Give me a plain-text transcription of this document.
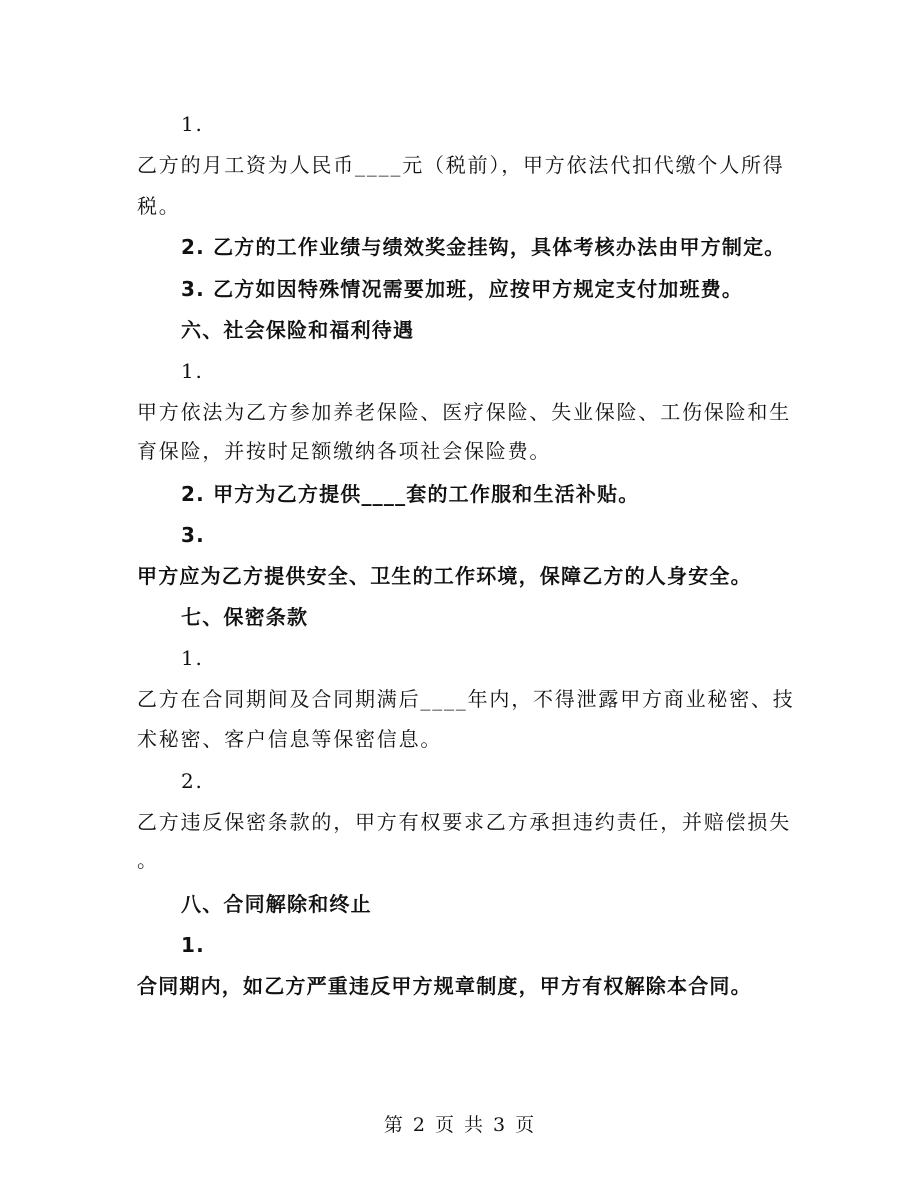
1.
乙方的月工资为人民币____元（税前），甲方依法代扣代缴个人所得
税。
2. 乙方的工作业绩与绩效奖金挂钩，具体考核办法由甲方制定。
3. 乙方如因特殊情况需要加班，应按甲方规定支付加班费。
六、社会保险和福利待遇
1.
甲方依法为乙方参加养老保险、医疗保险、失业保险、工伤保险和生
育保险，并按时足额缴纳各项社会保险费。
2. 甲方为乙方提供____套的工作服和生活补贴。
3.
甲方应为乙方提供安全、卫生的工作环境，保障乙方的人身安全。
七、保密条款
1.
乙方在合同期间及合同期满后____年内，不得泄露甲方商业秘密、技
术秘密、客户信息等保密信息。
2.
乙方违反保密条款的，甲方有权要求乙方承担违约责任，并赔偿损失
。
八、合同解除和终止
1.
合同期内，如乙方严重违反甲方规章制度，甲方有权解除本合同。
第 2 页 共 3 页
